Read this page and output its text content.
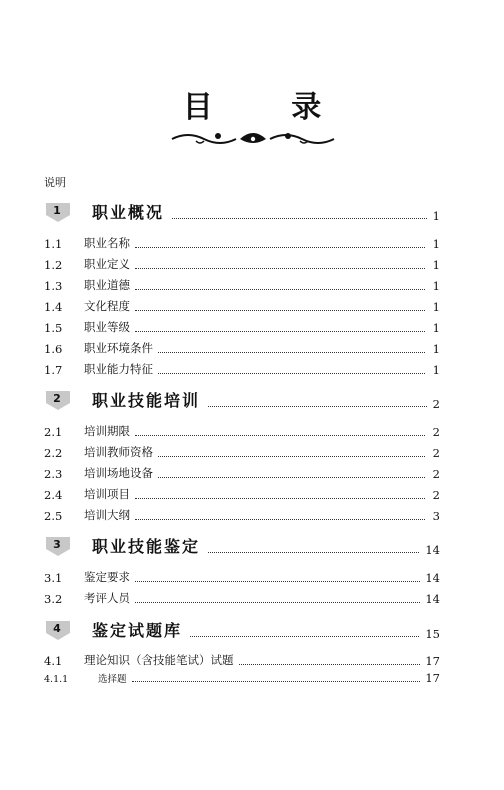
目 录
说明
1	职业概况	1
1.1	职业名称	1
1.2	职业定义	1
1.3	职业道德	1
1.4	文化程度	1
1.5	职业等级	1
1.6	职业环境条件	1
1.7	职业能力特征	1
2	职业技能培训	2
2.1	培训期限	2
2.2	培训教师资格	2
2.3	培训场地设备	2
2.4	培训项目	2
2.5	培训大纲	3
3	职业技能鉴定	14
3.1	鉴定要求	14
3.2	考评人员	14
4	鉴定试题库	15
4.1	理论知识（含技能笔试）试题	17
4.1.1	选择题	17
